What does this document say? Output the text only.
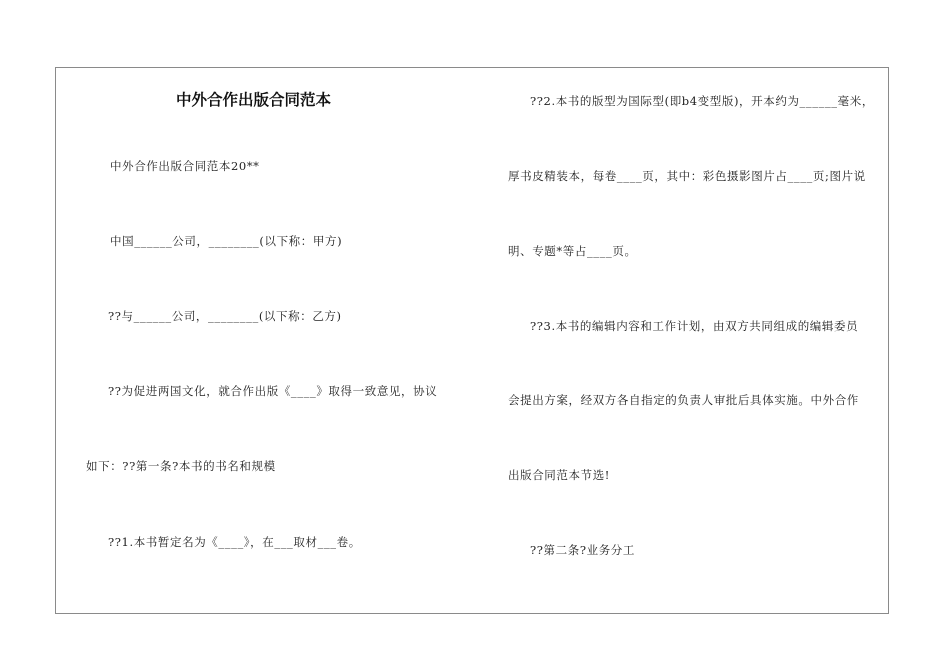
中外合作出版合同范本
中外合作出版合同范本20**
中国______公司，________(以下称：甲方)
??与______公司，________(以下称：乙方)
??为促进两国文化，就合作出版《____》取得一致意见，协议
如下：??第一条?本书的书名和规模
??1.本书暂定名为《____》，在___取材___卷。
??2.本书的版型为国际型(即b4变型版)，开本约为______毫米，
厚书皮精装本，每卷____页，其中：彩色摄影图片占____页;图片说
明、专题*等占____页。
??3.本书的编辑内容和工作计划，由双方共同组成的编辑委员
会提出方案，经双方各自指定的负责人审批后具体实施。中外合作
出版合同范本节选!
??第二条?业务分工
